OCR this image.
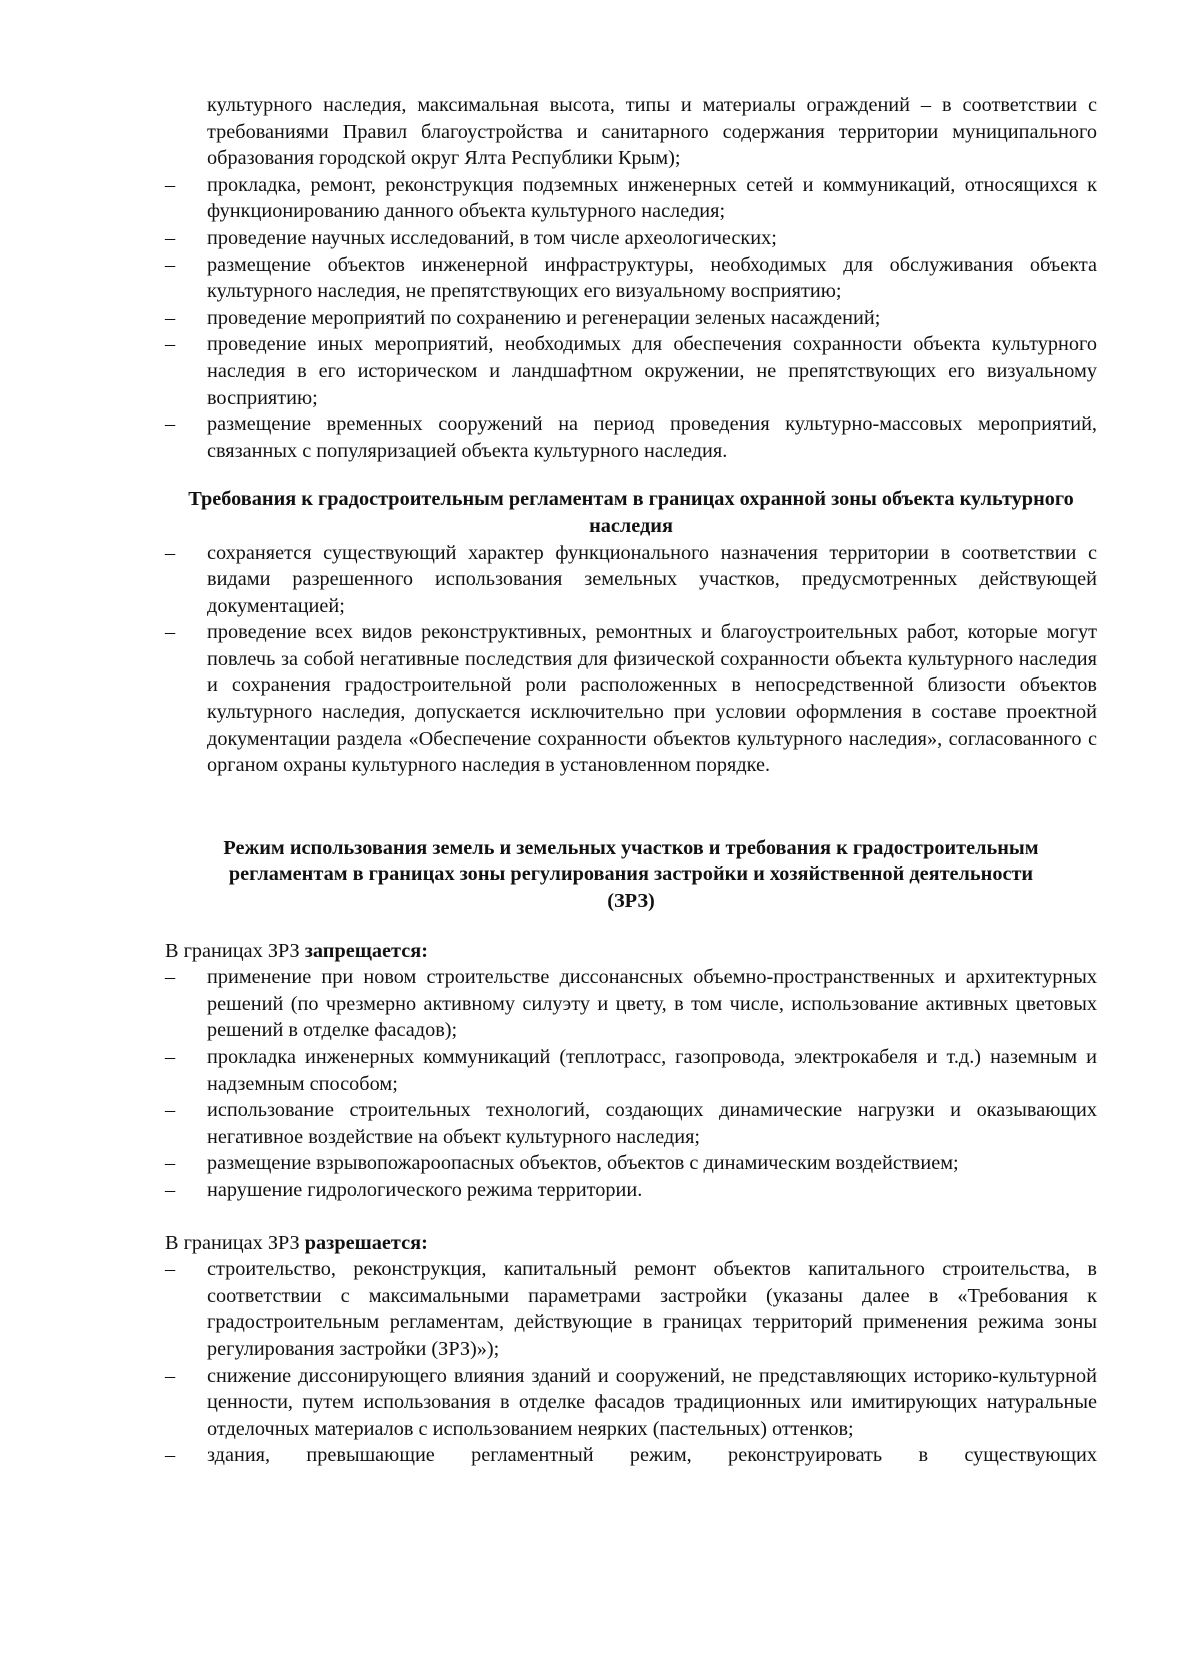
культурного наследия, максимальная высота, типы и материалы ограждений – в соответствии с требованиями Правил благоустройства и санитарного содержания территории муниципального образования городской округ Ялта Республики Крым);

– прокладка, ремонт, реконструкция подземных инженерных сетей и коммуникаций, относящихся к функционированию данного объекта культурного наследия;
– проведение научных исследований, в том числе археологических;
– размещение объектов инженерной инфраструктуры, необходимых для обслуживания объекта культурного наследия, не препятствующих его визуальному восприятию;
– проведение мероприятий по сохранению и регенерации зеленых насаждений;
– проведение иных мероприятий, необходимых для обеспечения сохранности объекта культурного наследия в его историческом и ландшафтном окружении, не препятствующих его визуальному восприятию;
– размещение временных сооружений на период проведения культурно-массовых мероприятий, связанных с популяризацией объекта культурного наследия.

Требования к градостроительным регламентам в границах охранной зоны объекта культурного наследия

– сохраняется существующий характер функционального назначения территории в соответствии с видами разрешенного использования земельных участков, предусмотренных действующей документацией;
– проведение всех видов реконструктивных, ремонтных и благоустроительных работ, которые могут повлечь за собой негативные последствия для физической сохранности объекта культурного наследия и сохранения градостроительной роли расположенных в непосредственной близости объектов культурного наследия, допускается исключительно при условии оформления в составе проектной документации раздела «Обеспечение сохранности объектов культурного наследия», согласованного с органом охраны культурного наследия в установленном порядке.

Режим использования земель и земельных участков и требования к градостроительным регламентам в границах зоны регулирования застройки и хозяйственной деятельности (ЗРЗ)

В границах ЗРЗ запрещается:

– применение при новом строительстве диссонансных объемно-пространственных и архитектурных решений (по чрезмерно активному силуэту и цвету, в том числе, использование активных цветовых решений в отделке фасадов);
– прокладка инженерных коммуникаций (теплотрасс, газопровода, электрокабеля и т.д.) наземным и надземным способом;
– использование строительных технологий, создающих динамические нагрузки и оказывающих негативное воздействие на объект культурного наследия;
– размещение взрывопожароопасных объектов, объектов с динамическим воздействием;
– нарушение гидрологического режима территории.

В границах ЗРЗ разрешается:

– строительство, реконструкция, капитальный ремонт объектов капитального строительства, в соответствии с максимальными параметрами застройки (указаны далее в «Требования к градостроительным регламентам, действующие в границах территорий применения режима зоны регулирования застройки (ЗРЗ)»);
– снижение диссонирующего влияния зданий и сооружений, не представляющих историко-культурной ценности, путем использования в отделке фасадов традиционных или имитирующих натуральные отделочных материалов с использованием неярких (пастельных) оттенков;
– здания, превышающие регламентный режим, реконструировать в существующих
